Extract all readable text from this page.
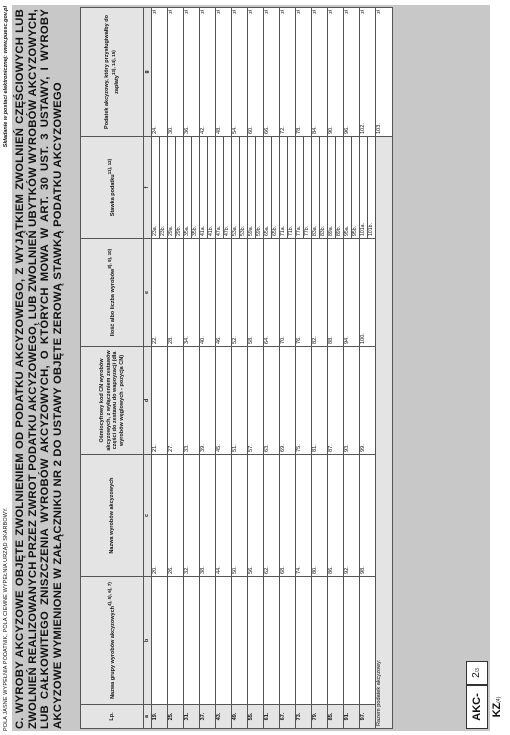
POLA JASNE WYPEŁNIA PODATNIK, POLA CIEMNE WYPEŁNIA URZĄD SKARBOWY.
Składanie w postaci elektronicznej: www.puesc.gov.pl C. WYROBY AKCYZOWE OBJĘTE ZWOLNIENIEM OD PODATKU AKCYZOWEGO, Z WYJĄTKIEM ZWOLNIEŃ CZĘŚCIOWYCH LUB ZWOLNIEŃ REALIZOWANYCH PRZEZ ZWROT PODATKU AKCYZOWEGO, LUB ZWOLNIEŃ UBYTKÓW WYROBÓW AKCYZOWYCH, LUB CAŁKOWITEGO ZNISZCZENIA WYROBÓW AKCYZOWYCH, O KTÓRYCH MOWA W ART. 30 UST. 3 USTAWY, I WYROBY AKCYZOWE WYMIENIONE W ZAŁĄCZNIKU NR 2 DO USTAWY OBJĘTE ZEROWĄ STAWKĄ PODATKU AKCYZOWEGO	Lp.	Nazwa grupy wyrobów akcyzowych$^{4), 5), 6), 7)}$	Nazwa wyrobów akcyzowych	Ośmiocyfrowy kod CN wyrobów akcyzowych, z wyłączeniem zestawów części do zestawu do wapoyzacji (dla wyrobów węglowych - pozycja CN)	Ilość albo liczba wyrobów$^{8), 9), 10)}$	Stawka podatku$^{11), 12)}$	Podatek akcyzowy, który przysługiwałby do zapłaty$^{13), 14), 15)}$
a	b	c	d	e	f	g
19.		20.	21.	22.	23a. 23b.	24.
zł

25.		26.	27.	28.	29a. 29b.	30.
zł

31.		32.	33.	34.	35a. 35b.	36.
zł

37.		38.	39.	40.	41a. 41b.	42.
zł

43.		44.	45.	46.	47a. 47b.	48.
zł

49.		50.	51.	52.	53a. 53b.	54.
zł

55.		56.	57.	58.	59a. 59b.	60.
zł

61.		62.	63.	64.	65a. 65b.	66.
zł

67.		68.	69.	70.	71a. 71b.	72.
zł

73.		74.	75.	76.	77a. 77b.	78.
zł

79.		80.	81.	82.	83a. 83b.	84.
zł

85.		86.	87.	88.	89a. 89b.	90.
zł

91.		92.	93.	94.	95a. 95b.	96.
zł

97.		98.	99.	100.	101a. 101b.	102.
zł

Razem podatek akcyzowy:						103.
zł
AKC-KZ(4)
2/3
